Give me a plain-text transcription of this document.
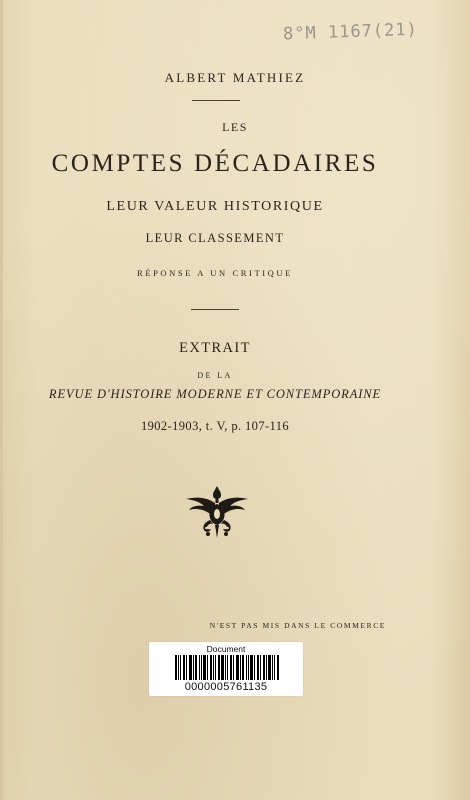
8°M 1167(21)
ALBERT MATHIEZ
LES
COMPTES DÉCADAIRES
LEUR VALEUR HISTORIQUE
LEUR CLASSEMENT
RÉPONSE A UN CRITIQUE
EXTRAIT
DE LA
REVUE D'HISTOIRE MODERNE ET CONTEMPORAINE
1902-1903, t. V, p. 107-116
N'EST PAS MIS DANS LE COMMERCE
Document
0000005761135
